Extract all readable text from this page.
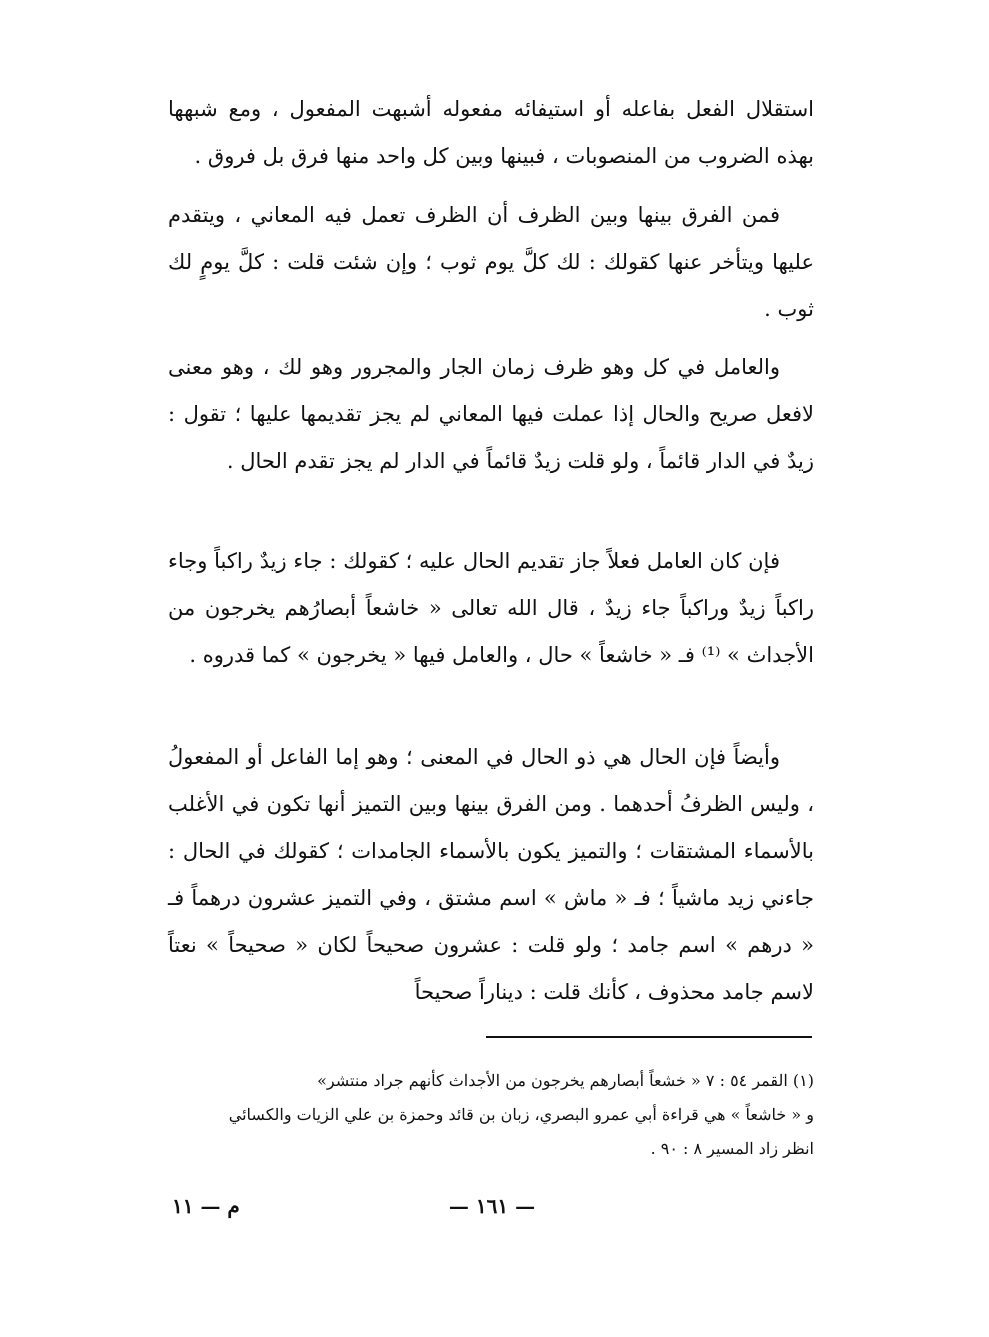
استقلال الفعل بفاعله أو استيفائه مفعوله أشبهت المفعول ، ومع شبهها بهذه الضروب من المنصوبات ، فبينها وبين كل واحد منها فرق بل فروق .

فمن الفرق بينها وبين الظرف أن الظرف تعمل فيه المعاني ، ويتقدم عليها ويتأخر عنها كقولك : لك كلَّ يوم ثوب ؛ وإن شئت قلت : كلَّ يومٍ لك ثوب .

والعامل في كل وهو ظرف زمان الجار والمجرور وهو لك ، وهو معنى لافعل صريح والحال إذا عملت فيها المعاني لم يجز تقديمها عليها ؛ تقول : زيدٌ في الدار قائماً ، ولو قلت زيدٌ قائماً في الدار لم يجز تقدم الحال .

فإن كان العامل فعلاً جاز تقديم الحال عليه ؛ كقولك : جاء زيدٌ راكباً وجاء راكباً زيدٌ وراكباً جاء زيدٌ ، قال الله تعالى « خاشعاً أبصارُهم يخرجون من الأجداث » ⁽¹⁾ فـ « خاشعاً » حال ، والعامل فيها « يخرجون » كما قدروه .

وأيضاً فإن الحال هي ذو الحال في المعنى ؛ وهو إما الفاعل أو المفعولُ ، وليس الظرفُ أحدهما . ومن الفرق بينها وبين التميز أنها تكون في الأغلب بالأسماء المشتقات ؛ والتميز يكون بالأسماء الجامدات ؛ كقولك في الحال : جاءني زيد ماشياً ؛ فـ « ماش » اسم مشتق ، وفي التميز عشرون درهماً فـ « درهم » اسم جامد ؛ ولو قلت : عشرون صحيحاً لكان « صحيحاً » نعتاً لاسم جامد محذوف ، كأنك قلت : ديناراً صحيحاً

(١) القمر ٥٤ : ٧ « خشعاً أبصارهم يخرجون من الأجداث كأنهم جراد منتشر»

و « خاشعاً » هي قراءة أبي عمرو البصري، زبان بن قائد وحمزة بن علي الزيات والكسائي

انظر زاد المسير ٨ : ٩٠ .

— ١٦١ —
م — ١١
